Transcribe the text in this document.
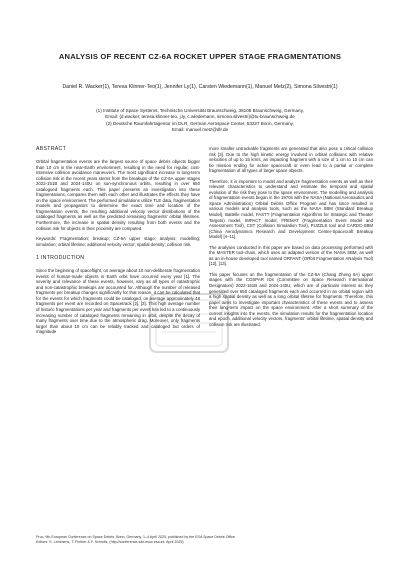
ANALYSIS OF RECENT CZ-6A ROCKET UPPER STAGE FRAGMENTATIONS
Daniel R. Wacker(1), Teresa Klinner-Teo(1), Jennifer Ly(1), Carsten Wiedemann(1), Manuel Metz(2), Simona Silvestri(1)
(1) Institute of Space Systems, Technische Universität Braunschweig, 38108 Braunschweig, Germany,
Email: {d.wacker, teresa.klinner-teo, j.ly, c.wiedemann, simona.silvestri}@tu-braunschweig.de
(2) Deutsche Raumfahrtagentur im DLR, German Aerospace Center, 53227 Bonn, Germany,
Email: manuel.metz@dlr.de
ABSTRACT

Orbital fragmentation events are the largest source of space debris objects bigger than 10 cm in the near-Earth environment, resulting in the need for regular, cost-intensive collision avoidance maneuvers. The most significant increase in long-term collision risk in the recent years stems from the breakups of the CZ-6A upper stages 2022-151B and 2024-140U on sun-synchronous orbits, resulting in over 650 catalogued fragments each. This paper presents an investigation into these fragmentations, compares them with each other and illustrates the effects they have on the space environment. The performed simulations utilize TLE data, fragmentation models and propagators to determine the exact time and location of the fragmentation events, the resulting additional velocity vector distributions of the cataloged fragments as well as the predicted remaining fragments' orbital lifetimes. Furthermore, the increase in spatial density resulting from both events and the collision risk for objects in their proximity are computed.

Keywords: Fragmentation; breakup; CZ-6A upper stage; analysis; modelling; simulation; orbital lifetime; additional velocity vector; spatial density; collision risk.

1 INTRODUCTION

Since the beginning of spaceflight, on average about 10 non-deliberate fragmentation events of human-made objects in Earth orbit have occurred every year [1]. The severity and relevance of these events, however, vary as all types of catastrophic and non-catastrophic breakups are accounted for. Although the number of released fragments per breakup changes significantly for that reason, it can be calculated that for the events for which fragments could be cataloged, on average approximately 48 fragments per event are recorded on Spacetrack [2], [3]. This high average number of historic fragmentations per year and fragments per event has led to a continuously increasing number of cataloged fragments remaining in orbit, despite the decay of many fragments over time due to the atmospheric drag. Moreover, only fragments larger than about 10 cm can be reliably tracked and cataloged but orders of magnitude

more smaller untrackable fragments are generated that also pose a critical collision risk [3]. Due to the high kinetic energy involved in orbital collisions with relative velocities of up to 15 km/s, an impacting fragment with a size of 1 cm to 10 cm can be mission ending for active spacecraft or even lead to a partial or complete fragmentation of all types of larger space objects.

Therefore, it is important to model and analyze fragmentation events as well as their relevant characteristics to understand and estimate the temporal and spatial evolution of the risk they pose to the space environment. The modelling and analysis of fragmentation events began in the 1970s with the NASA (National Aeronautics and Space Administration) Orbital Debris Office Program and has since resulted in various models and analysis tools, such as the NASA SBM (Standard Breakup Model), Battelle model, FASTT (Fragmentation Algorithms for Strategic and Theater Targets) model, IMPACT model, FREMAT (Fragmentation Event Model and Assessment Tool), CST (Collision Simulation Tool), PUZZLE tool and CARDC-SBM (China Aerodynamics Research and Development Center-Spacecraft Breakup Model) [4–11].

The analyses conducted in this paper are based on data processing performed with the MASTER tool-chain, which uses an adapted version of the NASA SBM, as well as an in-house developed tool named ORFANT (ORbit Fragmentation ANalysis Tool) [12], [13].

This paper focuses on the fragmentation of the CZ-6A (Chang Zheng 6A) upper stages with the COSPAR IDs (Committee on Space Research International Designators) 2022-151B and 2024-140U, which are of particular interest as they generated over 650 cataloged fragments each and occurred in an orbital region with a high spatial density as well as a long orbital lifetime for fragments. Therefore, this paper aims to investigate important characteristics of these events and to assess their long-term impact on the space environment. After a short summary of the current insights into the events, the simulation results for the fragmentation location and epoch, additional velocity vectors, fragments' orbital lifetime, spatial density and collision risk are illustrated.

Proc. 9th European Conference on Space Debris, Bonn, Germany, 1–4 April 2025, published by the ESA Space Debris Office
Editors: S. Lemmens, T. Flohrer & F. Schmitz, (http://conference.sdo.esoc.esa.int, April 2025)
